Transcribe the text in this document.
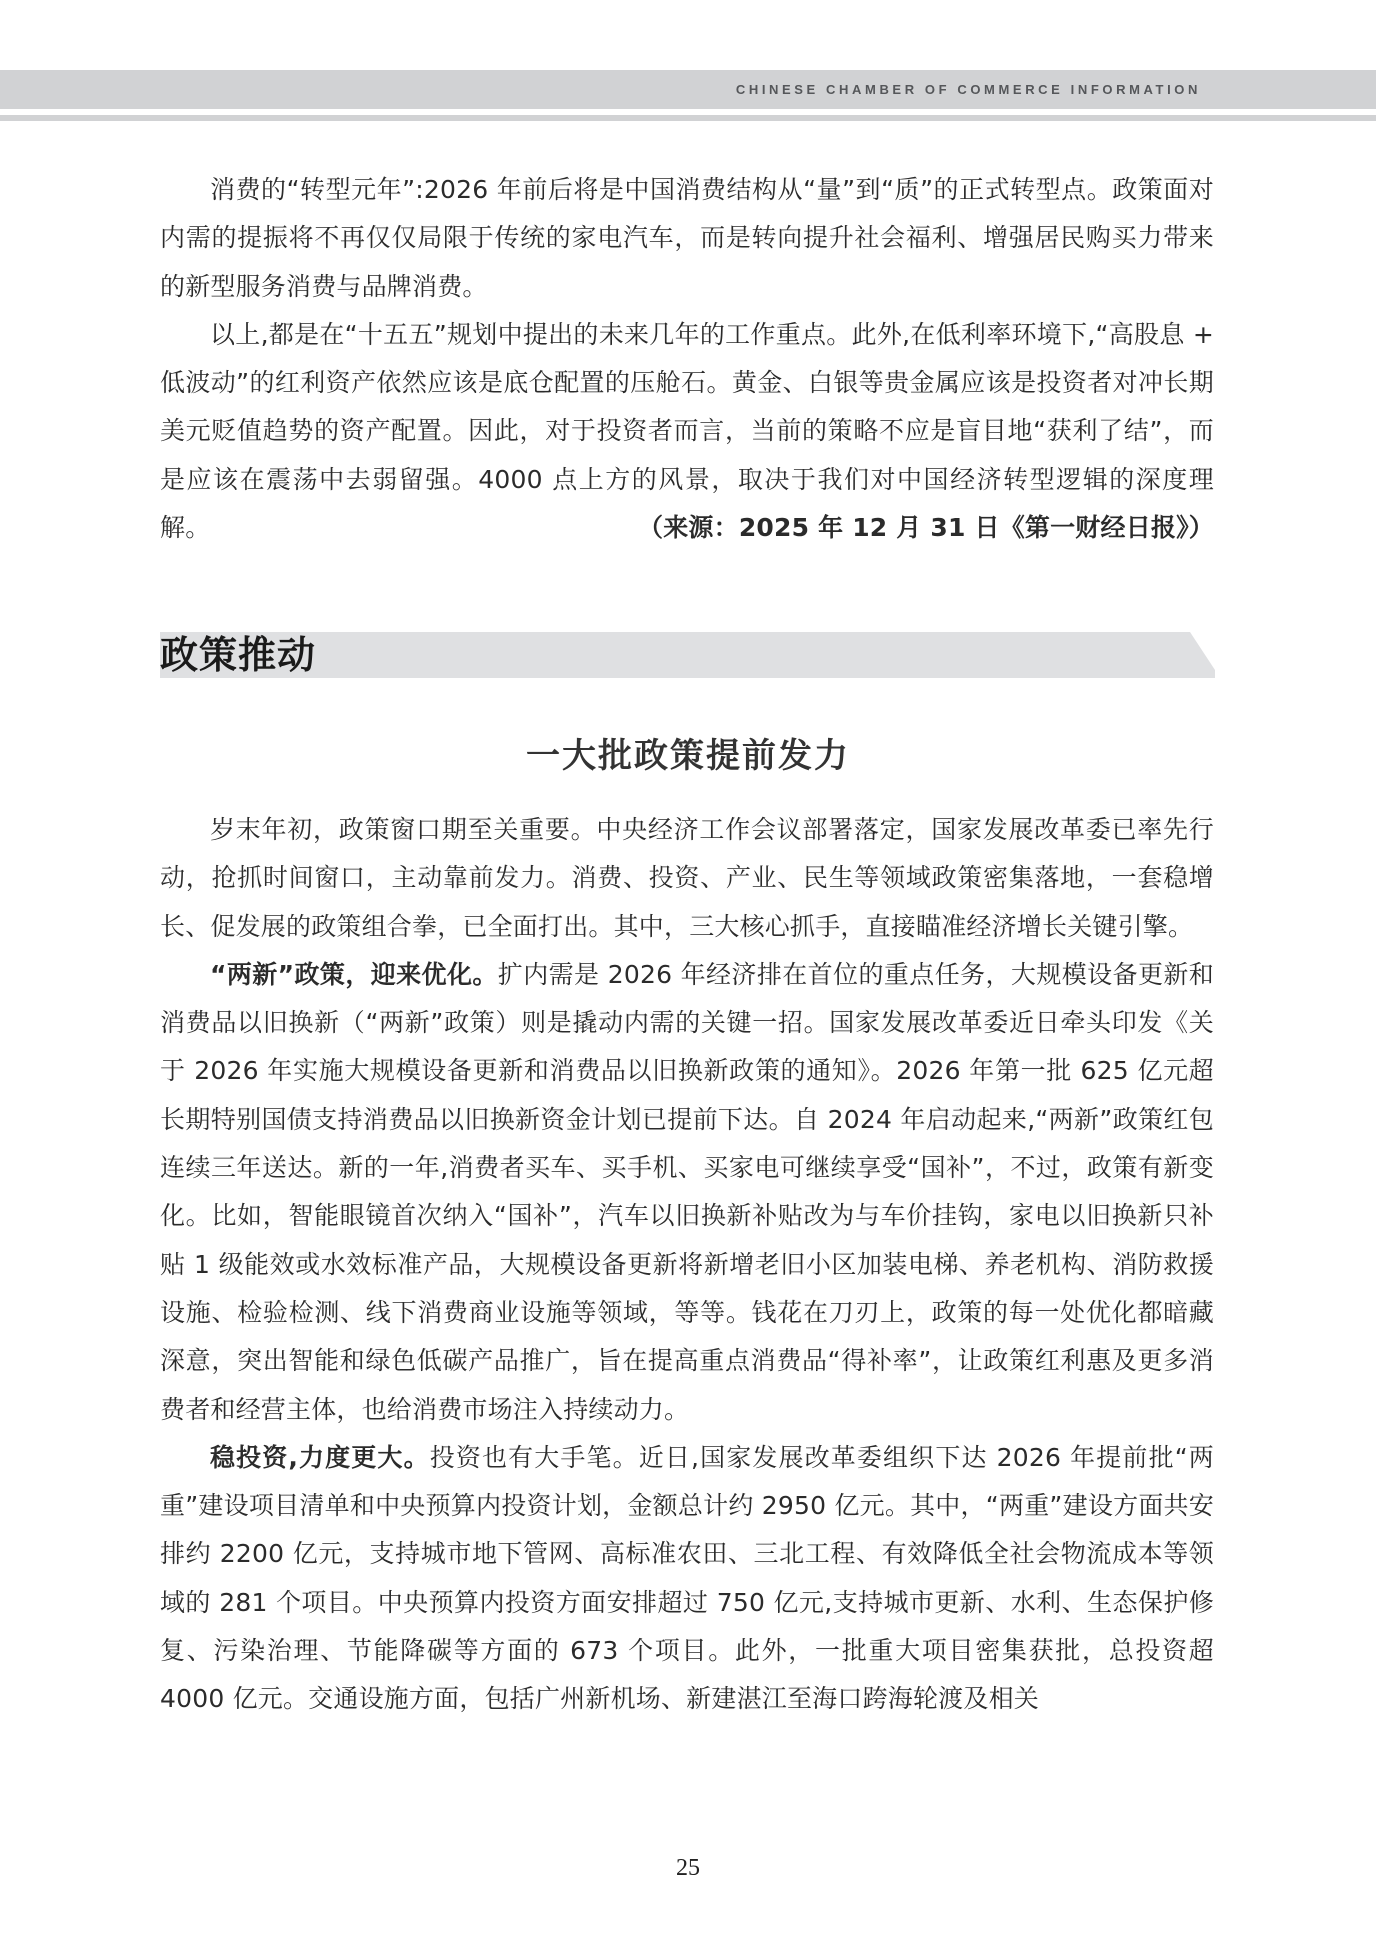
CHINESE CHAMBER OF COMMERCE INFORMATION

消费的“转型元年”:2026 年前后将是中国消费结构从“量”到“质”的正式转型点。政策面对内需的提振将不再仅仅局限于传统的家电汽车，而是转向提升社会福利、增强居民购买力带来的新型服务消费与品牌消费。

以上,都是在“十五五”规划中提出的未来几年的工作重点。此外,在低利率环境下,“高股息 + 低波动”的红利资产依然应该是底仓配置的压舱石。黄金、白银等贵金属应该是投资者对冲长期美元贬值趋势的资产配置。因此，对于投资者而言，当前的策略不应是盲目地“获利了结”，而是应该在震荡中去弱留强。4000 点上方的风景，取决于我们对中国经济转型逻辑的深度理解。	（来源：2025 年 12 月 31 日《第一财经日报》）

政策推动
一大批政策提前发力

岁末年初，政策窗口期至关重要。中央经济工作会议部署落定，国家发展改革委已率先行动，抢抓时间窗口，主动靠前发力。消费、投资、产业、民生等领域政策密集落地，一套稳增长、促发展的政策组合拳，已全面打出。其中，三大核心抓手，直接瞄准经济增长关键引擎。

“两新”政策，迎来优化。扩内需是 2026 年经济排在首位的重点任务，大规模设备更新和消费品以旧换新（“两新”政策）则是撬动内需的关键一招。国家发展改革委近日牵头印发《关于 2026 年实施大规模设备更新和消费品以旧换新政策的通知》。2026 年第一批 625 亿元超长期特别国债支持消费品以旧换新资金计划已提前下达。自 2024 年启动起来,“两新”政策红包连续三年送达。新的一年,消费者买车、买手机、买家电可继续享受“国补”，不过，政策有新变化。比如，智能眼镜首次纳入“国补”，汽车以旧换新补贴改为与车价挂钩，家电以旧换新只补贴 1 级能效或水效标准产品，大规模设备更新将新增老旧小区加装电梯、养老机构、消防救援设施、检验检测、线下消费商业设施等领域，等等。钱花在刀刃上，政策的每一处优化都暗藏深意，突出智能和绿色低碳产品推广，旨在提高重点消费品“得补率”，让政策红利惠及更多消费者和经营主体，也给消费市场注入持续动力。

稳投资,力度更大。投资也有大手笔。近日,国家发展改革委组织下达 2026 年提前批“两重”建设项目清单和中央预算内投资计划，金额总计约 2950 亿元。其中，“两重”建设方面共安排约 2200 亿元，支持城市地下管网、高标准农田、三北工程、有效降低全社会物流成本等领域的 281 个项目。中央预算内投资方面安排超过 750 亿元,支持城市更新、水利、生态保护修复、污染治理、节能降碳等方面的 673 个项目。此外，一批重大项目密集获批，总投资超 4000 亿元。交通设施方面，包括广州新机场、新建湛江至海口跨海轮渡及相关

25
